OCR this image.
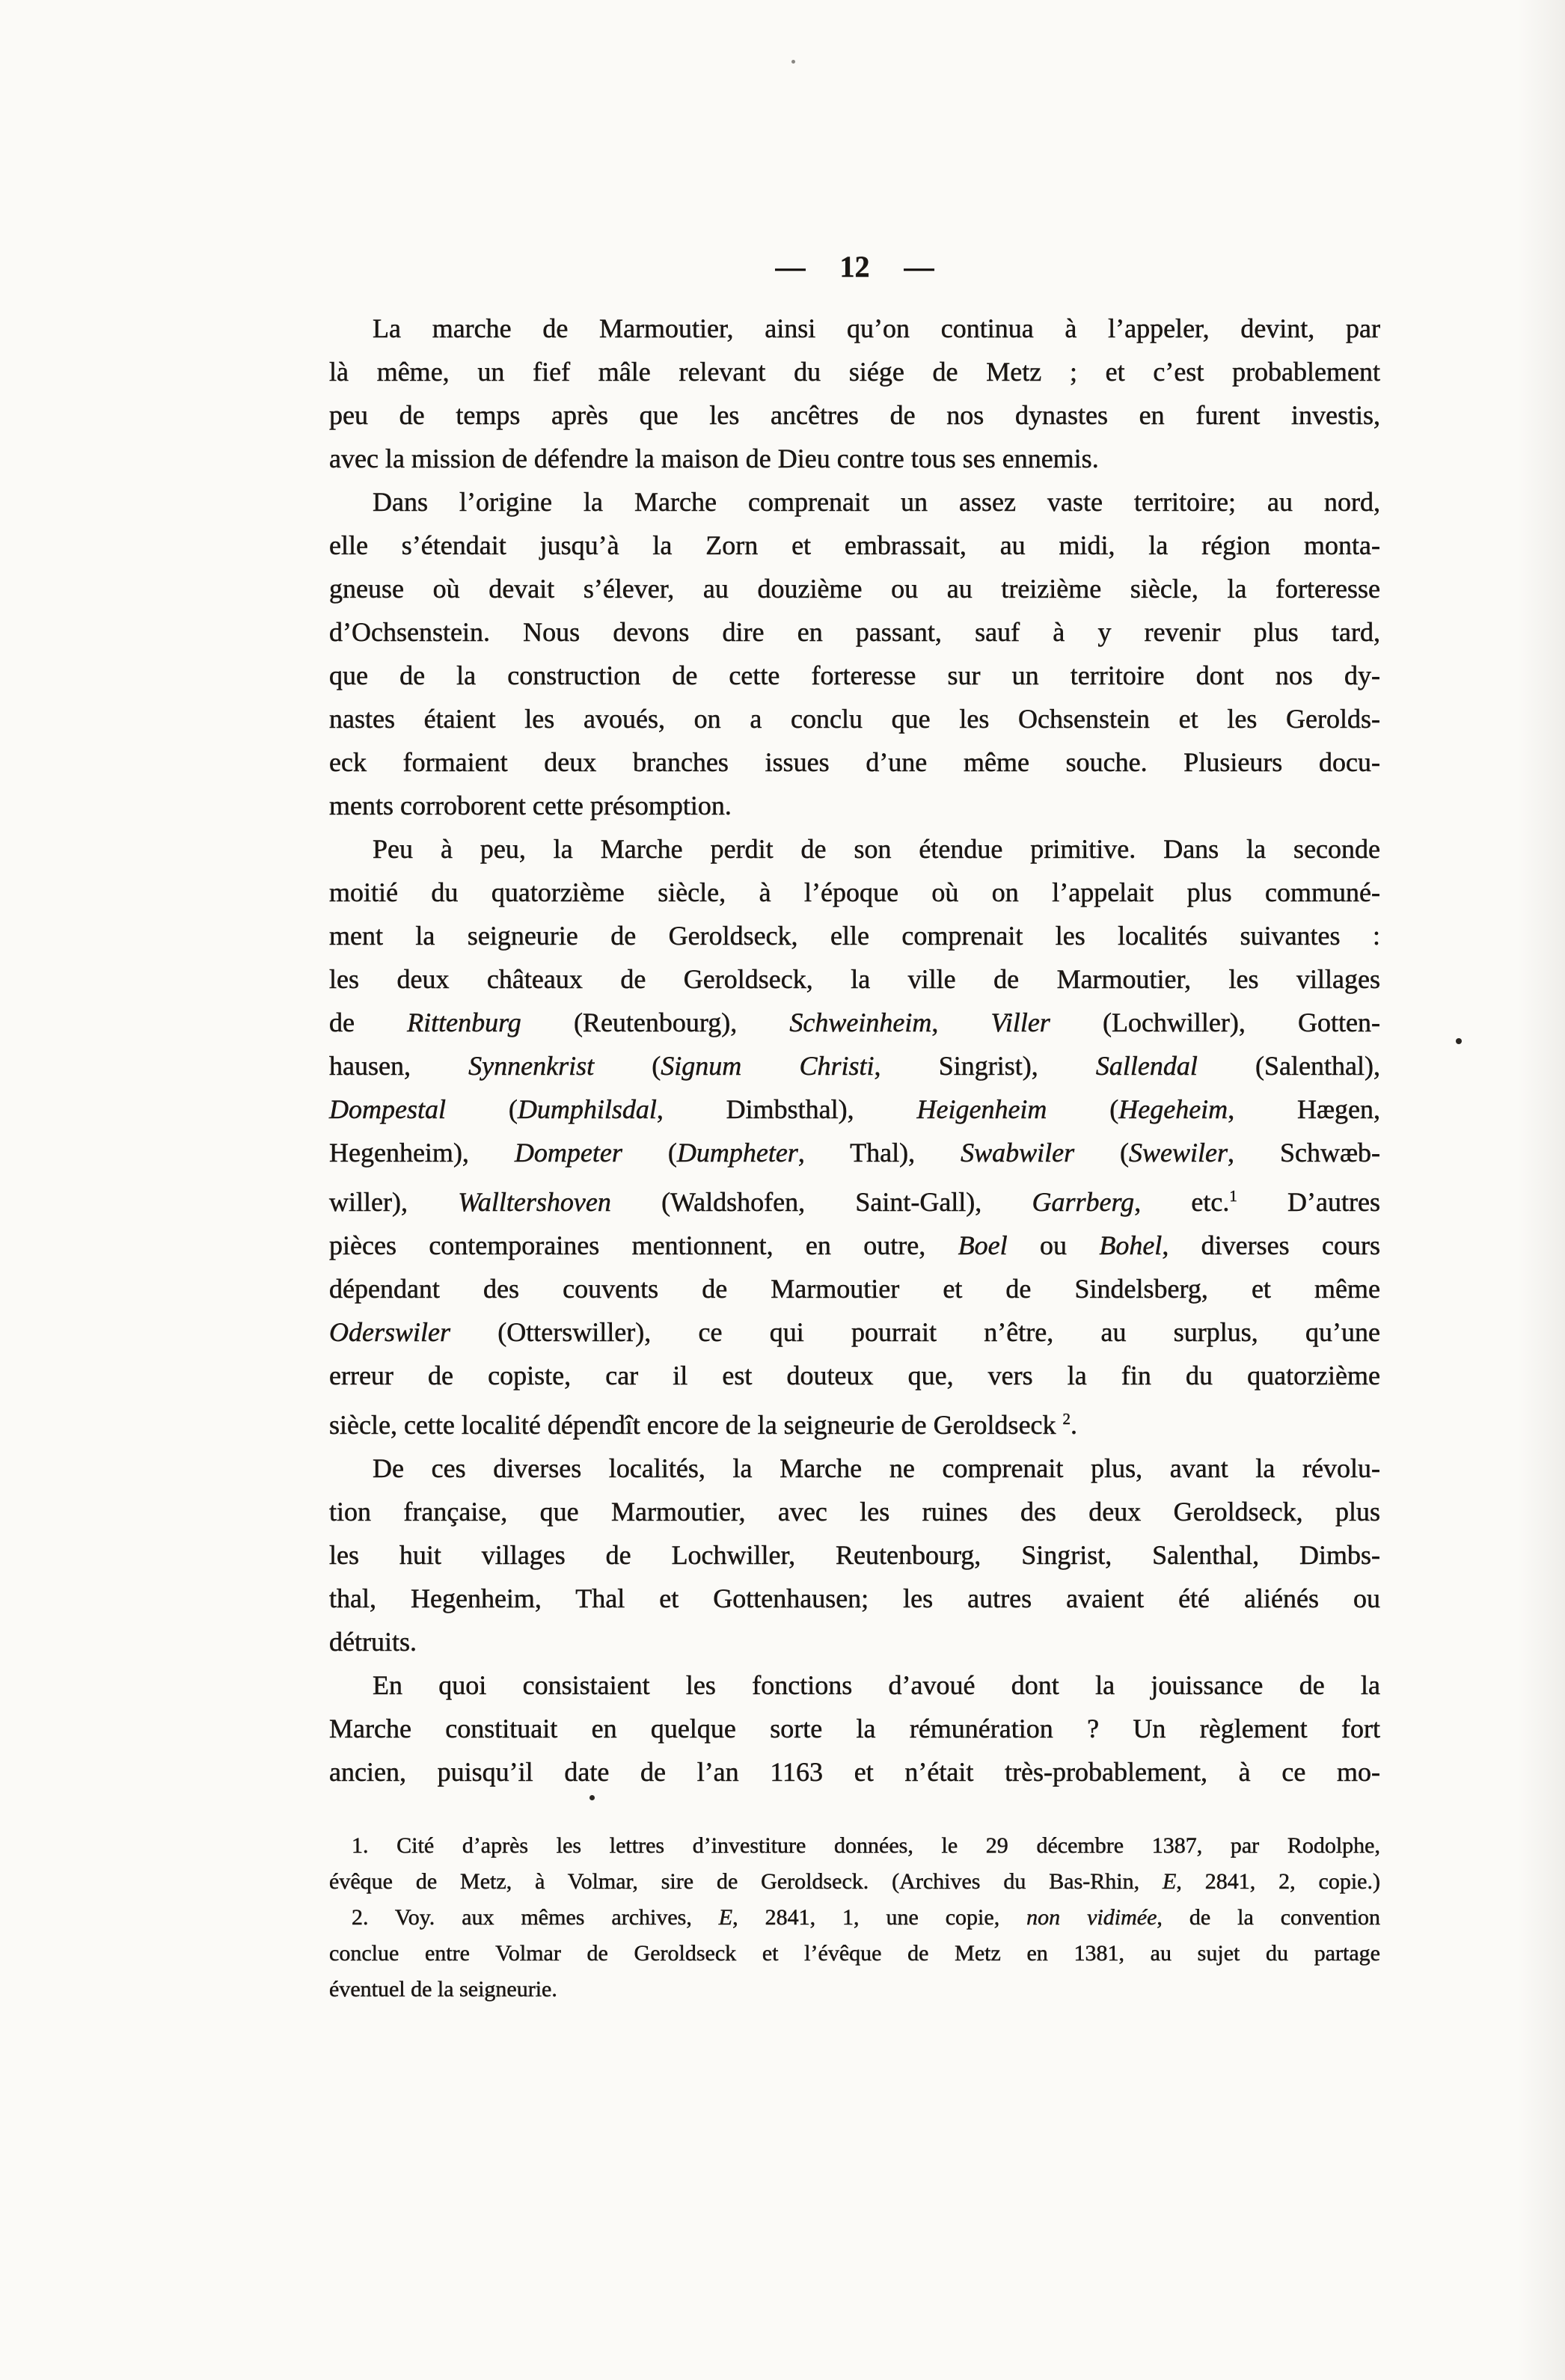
— 12 —
La marche de Marmoutier, ainsi qu’on continua à l’appeler, devint, par
là même, un fief mâle relevant du siége de Metz ; et c’est probablement
peu de temps après que les ancêtres de nos dynastes en furent investis,
avec la mission de défendre la maison de Dieu contre tous ses ennemis.
Dans l’origine la Marche comprenait un assez vaste territoire; au nord,
elle s’étendait jusqu’à la Zorn et embrassait, au midi, la région monta-
gneuse où devait s’élever, au douzième ou au treizième siècle, la forteresse
d’Ochsenstein. Nous devons dire en passant, sauf à y revenir plus tard,
que de la construction de cette forteresse sur un territoire dont nos dy-
nastes étaient les avoués, on a conclu que les Ochsenstein et les Gerolds-
eck formaient deux branches issues d’une même souche. Plusieurs docu-
ments corroborent cette présomption.
Peu à peu, la Marche perdit de son étendue primitive. Dans la seconde
moitié du quatorzième siècle, à l’époque où on l’appelait plus communé-
ment la seigneurie de Geroldseck, elle comprenait les localités suivantes :
les deux châteaux de Geroldseck, la ville de Marmoutier, les villages
de Rittenburg (Reutenbourg), Schweinheim, Viller (Lochwiller), Gotten-
hausen, Synnenkrist (Signum Christi, Singrist), Sallendal (Salenthal),
Dompestal (Dumphilsdal, Dimbsthal), Heigenheim (Hegeheim, Hægen,
Hegenheim), Dompeter (Dumpheter, Thal), Swabwiler (Swewiler, Schwæb-
willer), Walltershoven (Waldshofen, Saint-Gall), Garrberg, etc.$^1$ D’autres
pièces contemporaines mentionnent, en outre, Boel ou Bohel, diverses cours
dépendant des couvents de Marmoutier et de Sindelsberg, et même
Oderswiler (Otterswiller), ce qui pourrait n’être, au surplus, qu’une
erreur de copiste, car il est douteux que, vers la fin du quatorzième
siècle, cette localité dépendît encore de la seigneurie de Geroldseck $^2$.
De ces diverses localités, la Marche ne comprenait plus, avant la révolu-
tion française, que Marmoutier, avec les ruines des deux Geroldseck, plus
les huit villages de Lochwiller, Reutenbourg, Singrist, Salenthal, Dimbs-
thal, Hegenheim, Thal et Gottenhausen; les autres avaient été aliénés ou
détruits.
En quoi consistaient les fonctions d’avoué dont la jouissance de la
Marche constituait en quelque sorte la rémunération ? Un règlement fort
ancien, puisqu’il date de l’an 1163 et n’était très-probablement, à ce mo-
1. Cité d’après les lettres d’investiture données, le 29 décembre 1387, par Rodolphe,
évêque de Metz, à Volmar, sire de Geroldseck. (Archives du Bas-Rhin, E, 2841, 2, copie.)
2. Voy. aux mêmes archives, E, 2841, 1, une copie, non vidimée, de la convention
conclue entre Volmar de Geroldseck et l’évêque de Metz en 1381, au sujet du partage
éventuel de la seigneurie.
